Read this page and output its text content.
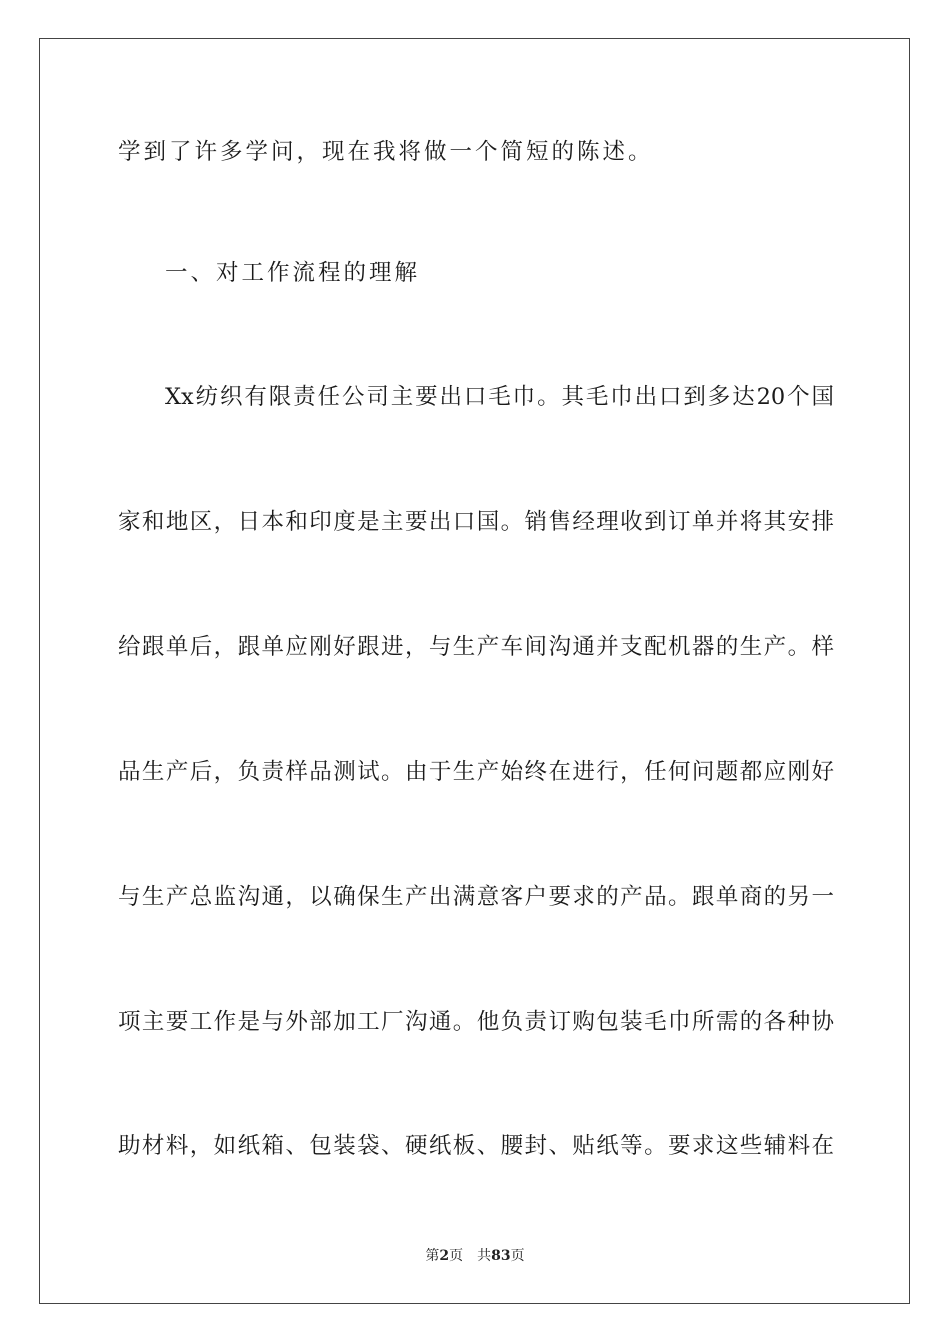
学到了许多学问，现在我将做一个简短的陈述。
一、对工作流程的理解
Xx纺织有限责任公司主要出口毛巾。其毛巾出口到多达20个国
家和地区，日本和印度是主要出口国。销售经理收到订单并将其安排
给跟单后，跟单应刚好跟进，与生产车间沟通并支配机器的生产。样
品生产后，负责样品测试。由于生产始终在进行，任何问题都应刚好
与生产总监沟通，以确保生产出满意客户要求的产品。跟单商的另一
项主要工作是与外部加工厂沟通。他负责订购包装毛巾所需的各种协
助材料，如纸箱、包装袋、硬纸板、腰封、贴纸等。要求这些辅料在
第2页 共83页
